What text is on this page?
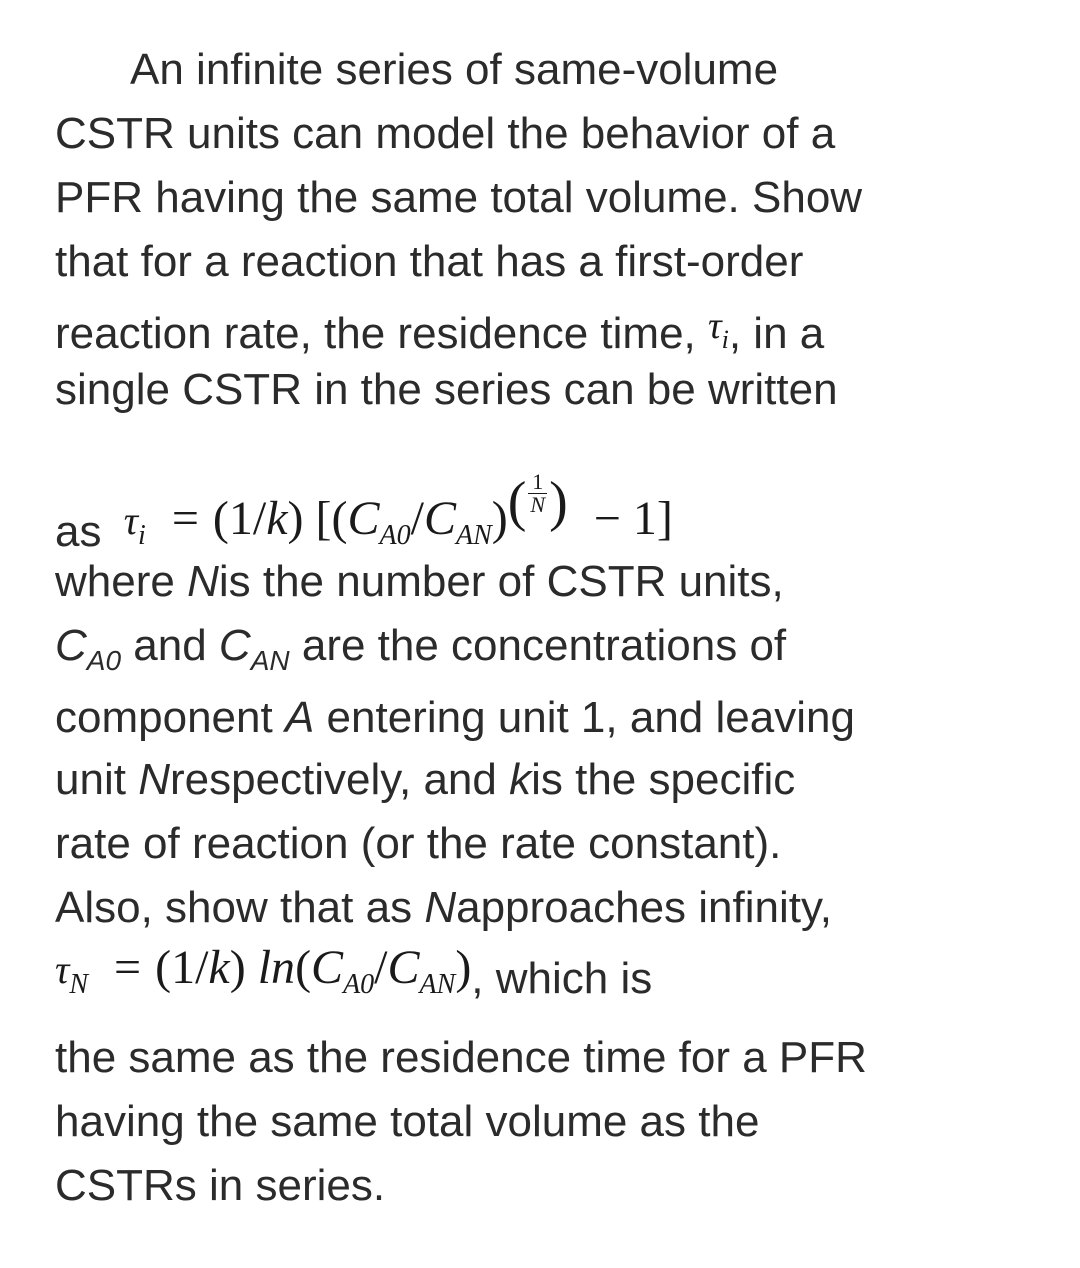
An infinite series of same-volume
CSTR units can model the behavior of a
PFR having the same total volume. Show
that for a reaction that has a first-order
reaction rate, the residence time, $\tau_i$, in a
single CSTR in the series can be written
as $\tau_i = (1/k)$ [$(C_{A0}/C_{AN})( \frac{1}{N}$ ) − 1]
where Nis the number of CSTR units,
$C_{A0}$ and $C_{AN}$ are the concentrations of
component A entering unit 1, and leaving
unit Nrespectively, and kis the specific
rate of reaction (or the rate constant).
Also, show that as Napproaches infinity,
$\tau_N = (1/k)$ $\ln(C_{A0}/C_{AN})$, which is
the same as the residence time for a PFR
having the same total volume as the
CSTRs in series.
